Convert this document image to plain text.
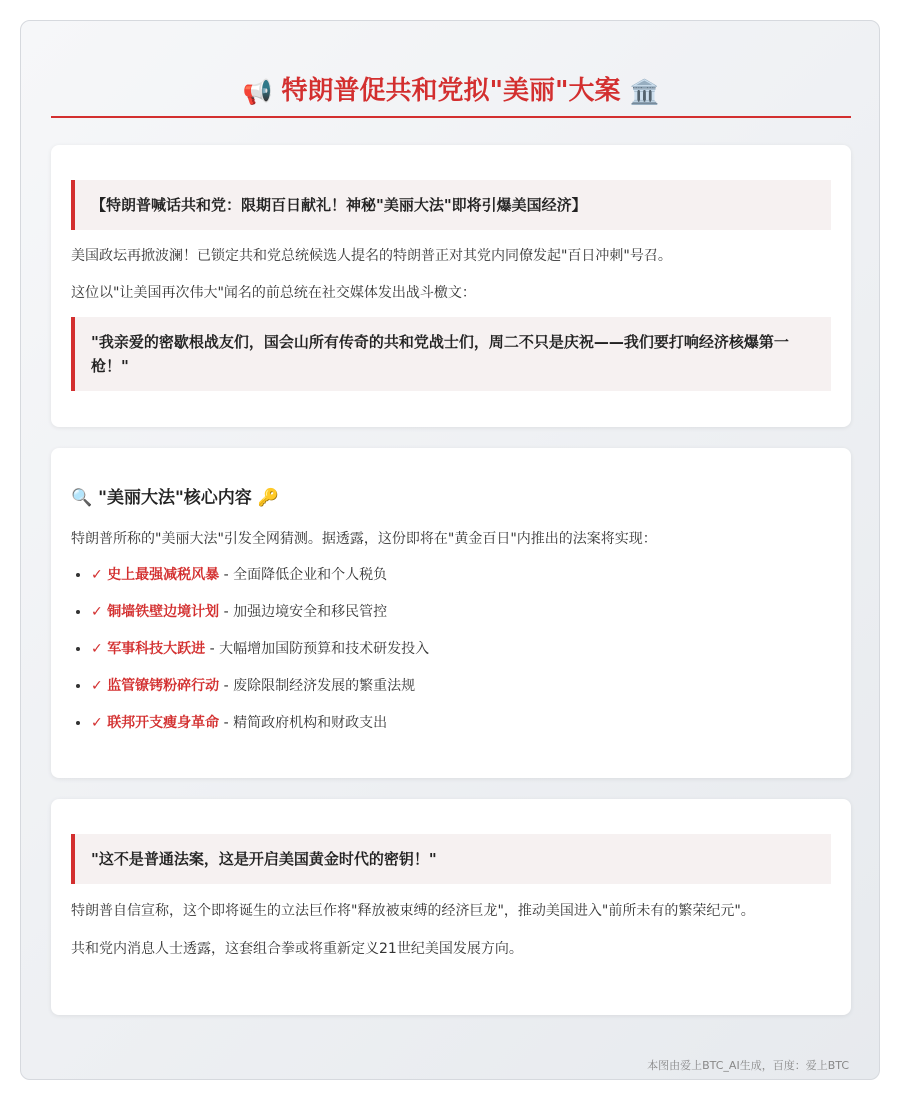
📢 特朗普促共和党拟"美丽"大案 🏛️
【特朗普喊话共和党：限期百日献礼！神秘"美丽大法"即将引爆美国经济】

美国政坛再掀波澜！已锁定共和党总统候选人提名的特朗普正对其党内同僚发起"百日冲刺"号召。

这位以"让美国再次伟大"闻名的前总统在社交媒体发出战斗檄文：

"我亲爱的密歇根战友们，国会山所有传奇的共和党战士们，周二不只是庆祝——我们要打响经济核爆第一枪！"
🔍 "美丽大法"核心内容 🔑

特朗普所称的"美丽大法"引发全网猜测。据透露，这份即将在"黄金百日"内推出的法案将实现：

• ✓ 史上最强减税风暴 - 全面降低企业和个人税负
• ✓ 铜墙铁壁边境计划 - 加强边境安全和移民管控
• ✓ 军事科技大跃进 - 大幅增加国防预算和技术研发投入
• ✓ 监管镣铐粉碎行动 - 废除限制经济发展的繁重法规
• ✓ 联邦开支瘦身革命 - 精简政府机构和财政支出
"这不是普通法案，这是开启美国黄金时代的密钥！"

特朗普自信宣称，这个即将诞生的立法巨作将"释放被束缚的经济巨龙"，推动美国进入"前所未有的繁荣纪元"。

共和党内消息人士透露，这套组合拳或将重新定义21世纪美国发展方向。

本图由爱上BTC_AI生成，百度：爱上BTC
